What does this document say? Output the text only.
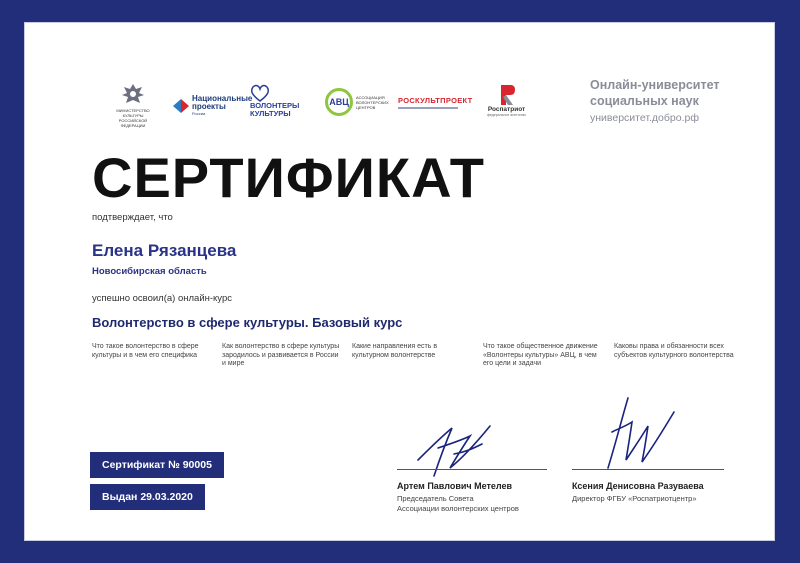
МИНИСТЕРСТВО КУЛЬТУРЫ РОССИЙСКОЙ ФЕДЕРАЦИИ
Национальные
проекты
России
ВОЛОНТЕРЫ
КУЛЬТУРЫ
АВЦ АССОЦИАЦИЯ ВОЛОНТЕРСКИХ ЦЕНТРОВ
РОСКУЛЬТПРОЕКТ
Роспатриот
федеральное агентство
Онлайн-университет
социальных наук
университет.добро.рф
СЕРТИФИКАТ
подтверждает, что
Елена Рязанцева
Новосибирская область
успешно освоил(а) онлайн-курс
Волонтерство в сфере культуры. Базовый курс
Что такое волонтерство в сфере культуры и в чем его специфика
Как волонтерство в сфере культуры зародилось и развивается в России и мире
Какие направления есть в культурном волонтерстве
Что такое общественное движение «Волонтеры культуры» АВЦ, в чем его цели и задачи
Каковы права и обязанности всех субъектов культурного волонтерства
Сертификат № 90005
Выдан 29.03.2020
Артем Павлович Метелев
Председатель Совета
Ассоциации волонтерских центров
Ксения Денисовна Разуваева
Директор ФГБУ «Роспатриотцентр»
